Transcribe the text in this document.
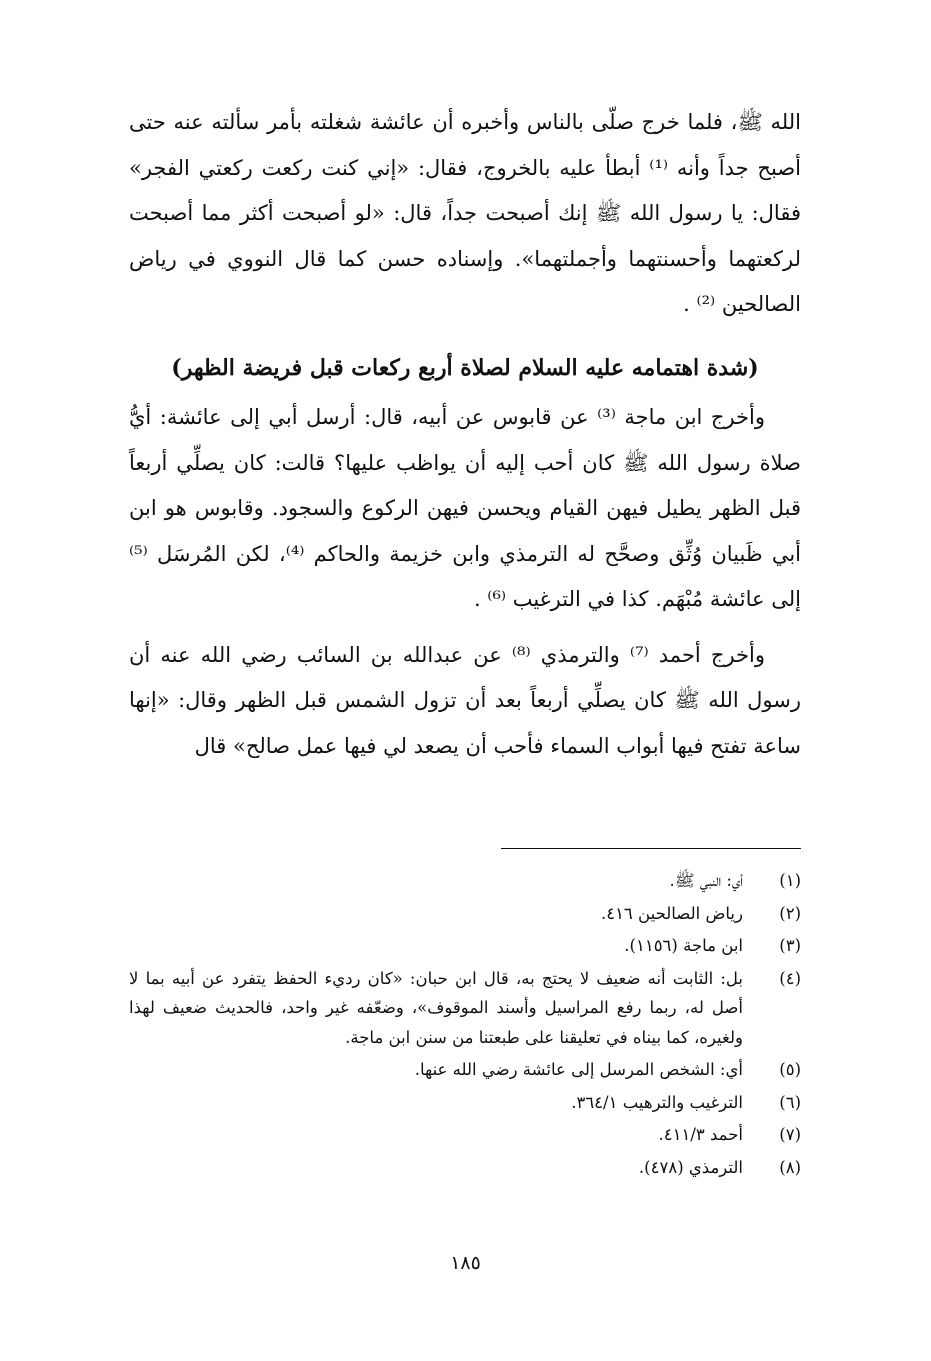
الله ﷺ، فلما خرج صلّى بالناس وأخبره أن عائشة شغلته بأمر سألته عنه حتى أصبح جداً وأنه ⁽¹⁾ أبطأ عليه بالخروج، فقال: «إني كنت ركعت ركعتي الفجر» فقال: يا رسول الله ﷺ إنك أصبحت جداً، قال: «لو أصبحت أكثر مما أصبحت لركعتهما وأحسنتهما وأجملتهما». وإسناده حسن كما قال النووي في رياض الصالحين ⁽²⁾ .

(شدة اهتمامه عليه السلام لصلاة أربع ركعات قبل فريضة الظهر)

وأخرج ابن ماجة ⁽³⁾ عن قابوس عن أبيه، قال: أرسل أبي إلى عائشة: أيُّ صلاة رسول الله ﷺ كان أحب إليه أن يواظب عليها؟ قالت: كان يصلِّي أربعاً قبل الظهر يطيل فيهن القيام ويحسن فيهن الركوع والسجود. وقابوس هو ابن أبي ظَبيان وُثِّق وصحَّح له الترمذي وابن خزيمة والحاكم ⁽⁴⁾، لكن المُرسَل ⁽⁵⁾ إلى عائشة مُبْهَم. كذا في الترغيب ⁽⁶⁾ .

وأخرج أحمد ⁽⁷⁾ والترمذي ⁽⁸⁾ عن عبدالله بن السائب رضي الله عنه أن رسول الله ﷺ كان يصلِّي أربعاً بعد أن تزول الشمس قبل الظهر وقال: «إنها ساعة تفتح فيها أبواب السماء فأحب أن يصعد لي فيها عمل صالح» قال

(١)
أي: النبي ﷺ.
(٢)
رياض الصالحين ٤١٦.
(٣)
ابن ماجة (١١٥٦).
(٤)
بل: الثابت أنه ضعيف لا يحتج به، قال ابن حبان: «كان رديء الحفظ يتفرد عن أبيه بما لا أصل له، ربما رفع المراسيل وأسند الموقوف»، وضعّفه غير واحد، فالحديث ضعيف لهذا ولغيره، كما بيناه في تعليقنا على طبعتنا من سنن ابن ماجة.
(٥)
أي: الشخص المرسل إلى عائشة رضي الله عنها.
(٦)
الترغيب والترهيب ٣٦٤/١.
(٧)
أحمد ٤١١/٣.
(٨)
الترمذي (٤٧٨).
١٨٥
